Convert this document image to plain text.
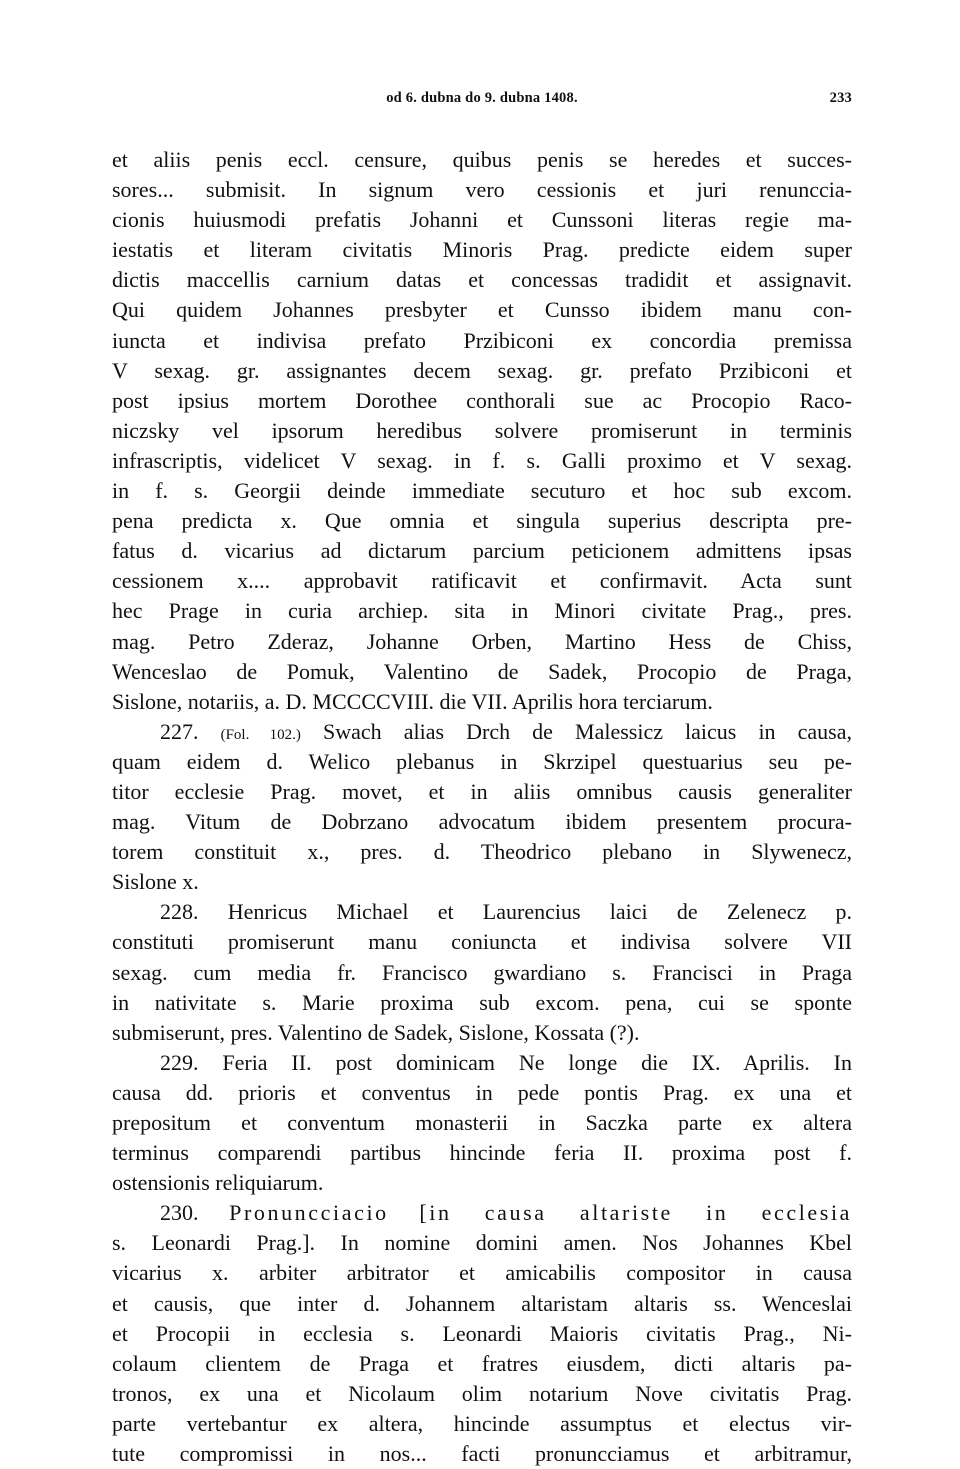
od 6. dubna do 9. dubna 1408.	233
et aliis penis eccl. censure, quibus penis se heredes et succes-
sores... submisit. In signum vero cessionis et juri renunccia-
cionis huiusmodi prefatis Johanni et Cunssoni literas regie ma-
iestatis et literam civitatis Minoris Prag. predicte eidem super
dictis maccellis carnium datas et concessas tradidit et assignavit.
Qui quidem Johannes presbyter et Cunsso ibidem manu con-
iuncta et indivisa prefato Przibiconi ex concordia premissa
V sexag. gr. assignantes decem sexag. gr. prefato Przibiconi et
post ipsius mortem Dorothee conthorali sue ac Procopio Raco-
niczsky vel ipsorum heredibus solvere promiserunt in terminis
infrascriptis, videlicet V sexag. in f. s. Galli proximo et V sexag.
in f. s. Georgii deinde immediate secuturo et hoc sub excom.
pena predicta x. Que omnia et singula superius descripta pre-
fatus d. vicarius ad dictarum parcium peticionem admittens ipsas
cessionem x.... approbavit ratificavit et confirmavit. Acta sunt
hec Prage in curia archiep. sita in Minori civitate Prag., pres.
mag. Petro Zderaz, Johanne Orben, Martino Hess de Chiss,
Wenceslao de Pomuk, Valentino de Sadek, Procopio de Praga,
Sislone, notariis, a. D. MCCCCVIII. die VII. Aprilis hora terciarum.
227. (Fol. 102.) Swach alias Drch de Malessicz laicus in causa,
quam eidem d. Welico plebanus in Skrzipel questuarius seu pe-
titor ecclesie Prag. movet, et in aliis omnibus causis generaliter
mag. Vitum de Dobrzano advocatum ibidem presentem procura-
torem constituit x., pres. d. Theodrico plebano in Slywenecz,
Sislone x.
228. Henricus Michael et Laurencius laici de Zelenecz p.
constituti promiserunt manu coniuncta et indivisa solvere VII
sexag. cum media fr. Francisco gwardiano s. Francisci in Praga
in nativitate s. Marie proxima sub excom. pena, cui se sponte
submiserunt, pres. Valentino de Sadek, Sislone, Kossata (?).
229. Feria II. post dominicam Ne longe die IX. Aprilis. In
causa dd. prioris et conventus in pede pontis Prag. ex una et
prepositum et conventum monasterii in Saczka parte ex altera
terminus comparendi partibus hincinde feria II. proxima post f.
ostensionis reliquiarum.
230. Pronuncciacio [in causa altariste in ecclesia
s. Leonardi Prag.]. In nomine domini amen. Nos Johannes Kbel
vicarius x. arbiter arbitrator et amicabilis compositor in causa
et causis, que inter d. Johannem altaristam altaris ss. Wenceslai
et Procopii in ecclesia s. Leonardi Maioris civitatis Prag., Ni-
colaum clientem de Praga et fratres eiusdem, dicti altaris pa-
tronos, ex una et Nicolaum olim notarium Nove civitatis Prag.
parte vertebantur ex altera, hincinde assumptus et electus vir-
tute compromissi in nos... facti pronuncciamus et arbitramur,
